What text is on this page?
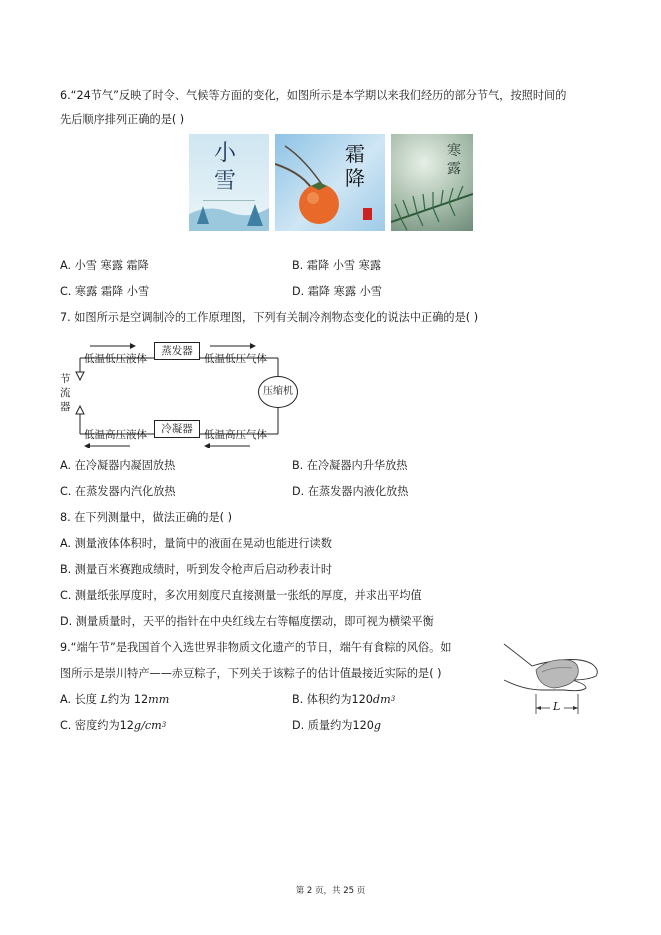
6.“24节气”反映了时令、气候等方面的变化，如图所示是本学期以来我们经历的部分节气，按照时间的
先后顺序排列正确的是( )
小
雪
霜降
寒露
A. 小雪 寒露 霜降	B. 霜降 小雪 寒露
C. 寒露 霜降 小雪	D. 霜降 寒露 小雪
7. 如图所示是空调制冷的工作原理图，下列有关制冷剂物态变化的说法中正确的是( )
蒸发器
冷凝器
压缩机
低温低压液体	低温低压气体
低温高压液体	低温高压气体
节流器
A. 在冷凝器内凝固放热	B. 在冷凝器内升华放热
C. 在蒸发器内汽化放热	D. 在蒸发器内液化放热
8. 在下列测量中，做法正确的是( )
A. 测量液体体积时，量筒中的液面在晃动也能进行读数
B. 测量百米赛跑成绩时，听到发令枪声后启动秒表计时
C. 测量纸张厚度时，多次用刻度尺直接测量一张纸的厚度，并求出平均值
D. 测量质量时，天平的指针在中央红线左右等幅度摆动，即可视为横梁平衡
9.“端午节”是我国首个入选世界非物质文化遗产的节日，端午有食粽的风俗。如
图所示是崇川特产——赤豆粽子，下列关于该粽子的估计值最接近实际的是( )
A. 长度 L约为 12mm	B. 体积约为$120dm^3$
C. 密度约为$12g/cm^3$	D. 质量约为120g
L
第 2 页，共 25 页
